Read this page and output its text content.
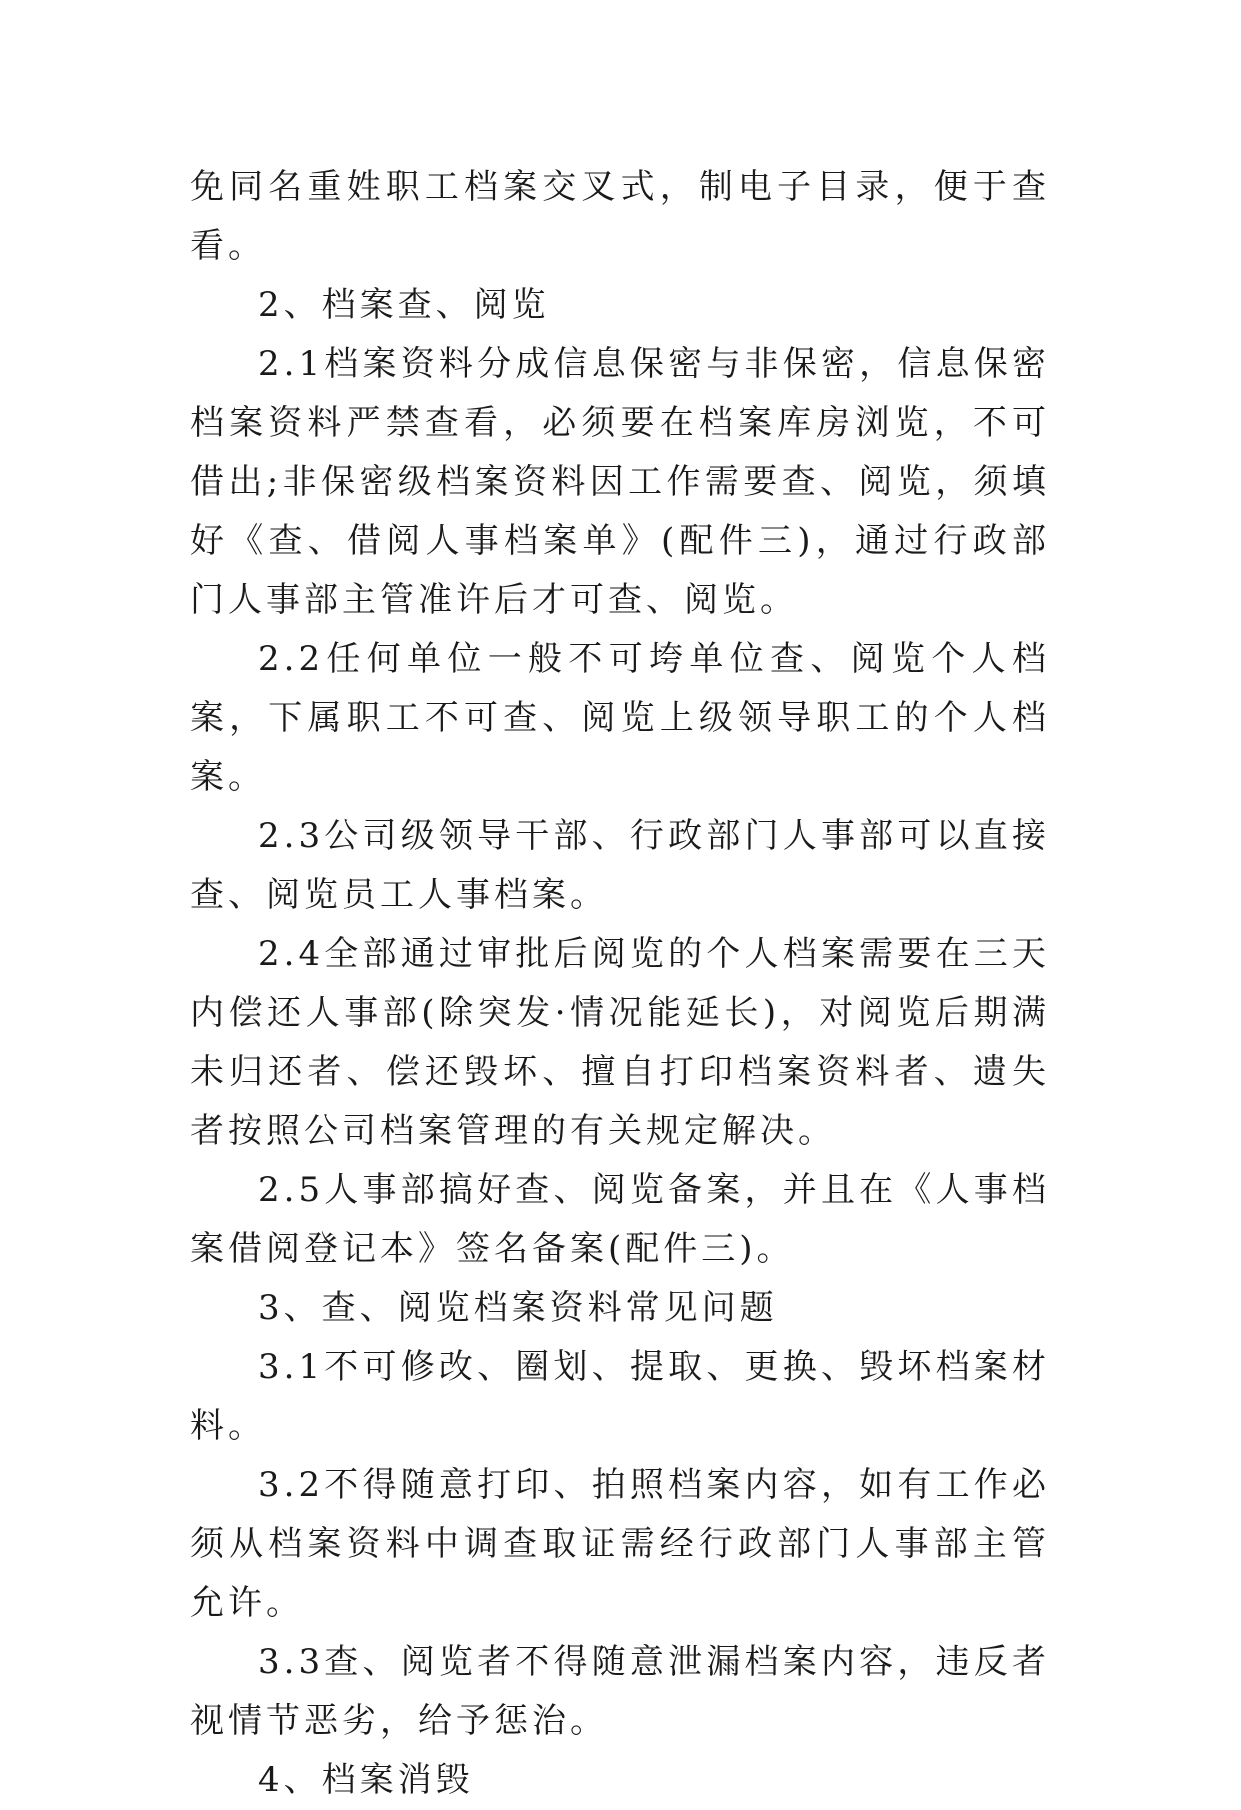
免同名重姓职工档案交叉式，制电子目录，便于查看。

2、档案查、阅览

2.1档案资料分成信息保密与非保密，信息保密档案资料严禁查看，必须要在档案库房浏览，不可借出;非保密级档案资料因工作需要查、阅览，须填好《查、借阅人事档案单》(配件三)，通过行政部门人事部主管准许后才可查、阅览。

2.2任何单位一般不可垮单位查、阅览个人档案，下属职工不可查、阅览上级领导职工的个人档案。

2.3公司级领导干部、行政部门人事部可以直接查、阅览员工人事档案。

2.4全部通过审批后阅览的个人档案需要在三天内偿还人事部(除突发·情况能延长)，对阅览后期满未归还者、偿还毁坏、擅自打印档案资料者、遗失者按照公司档案管理的有关规定解决。

2.5人事部搞好查、阅览备案，并且在《人事档案借阅登记本》签名备案(配件三)。

3、查、阅览档案资料常见问题

3.1不可修改、圈划、提取、更换、毁坏档案材料。

3.2不得随意打印、拍照档案内容，如有工作必须从档案资料中调查取证需经行政部门人事部主管允许。

3.3查、阅览者不得随意泄漏档案内容，违反者视情节恶劣，给予惩治。

4、档案消毁
